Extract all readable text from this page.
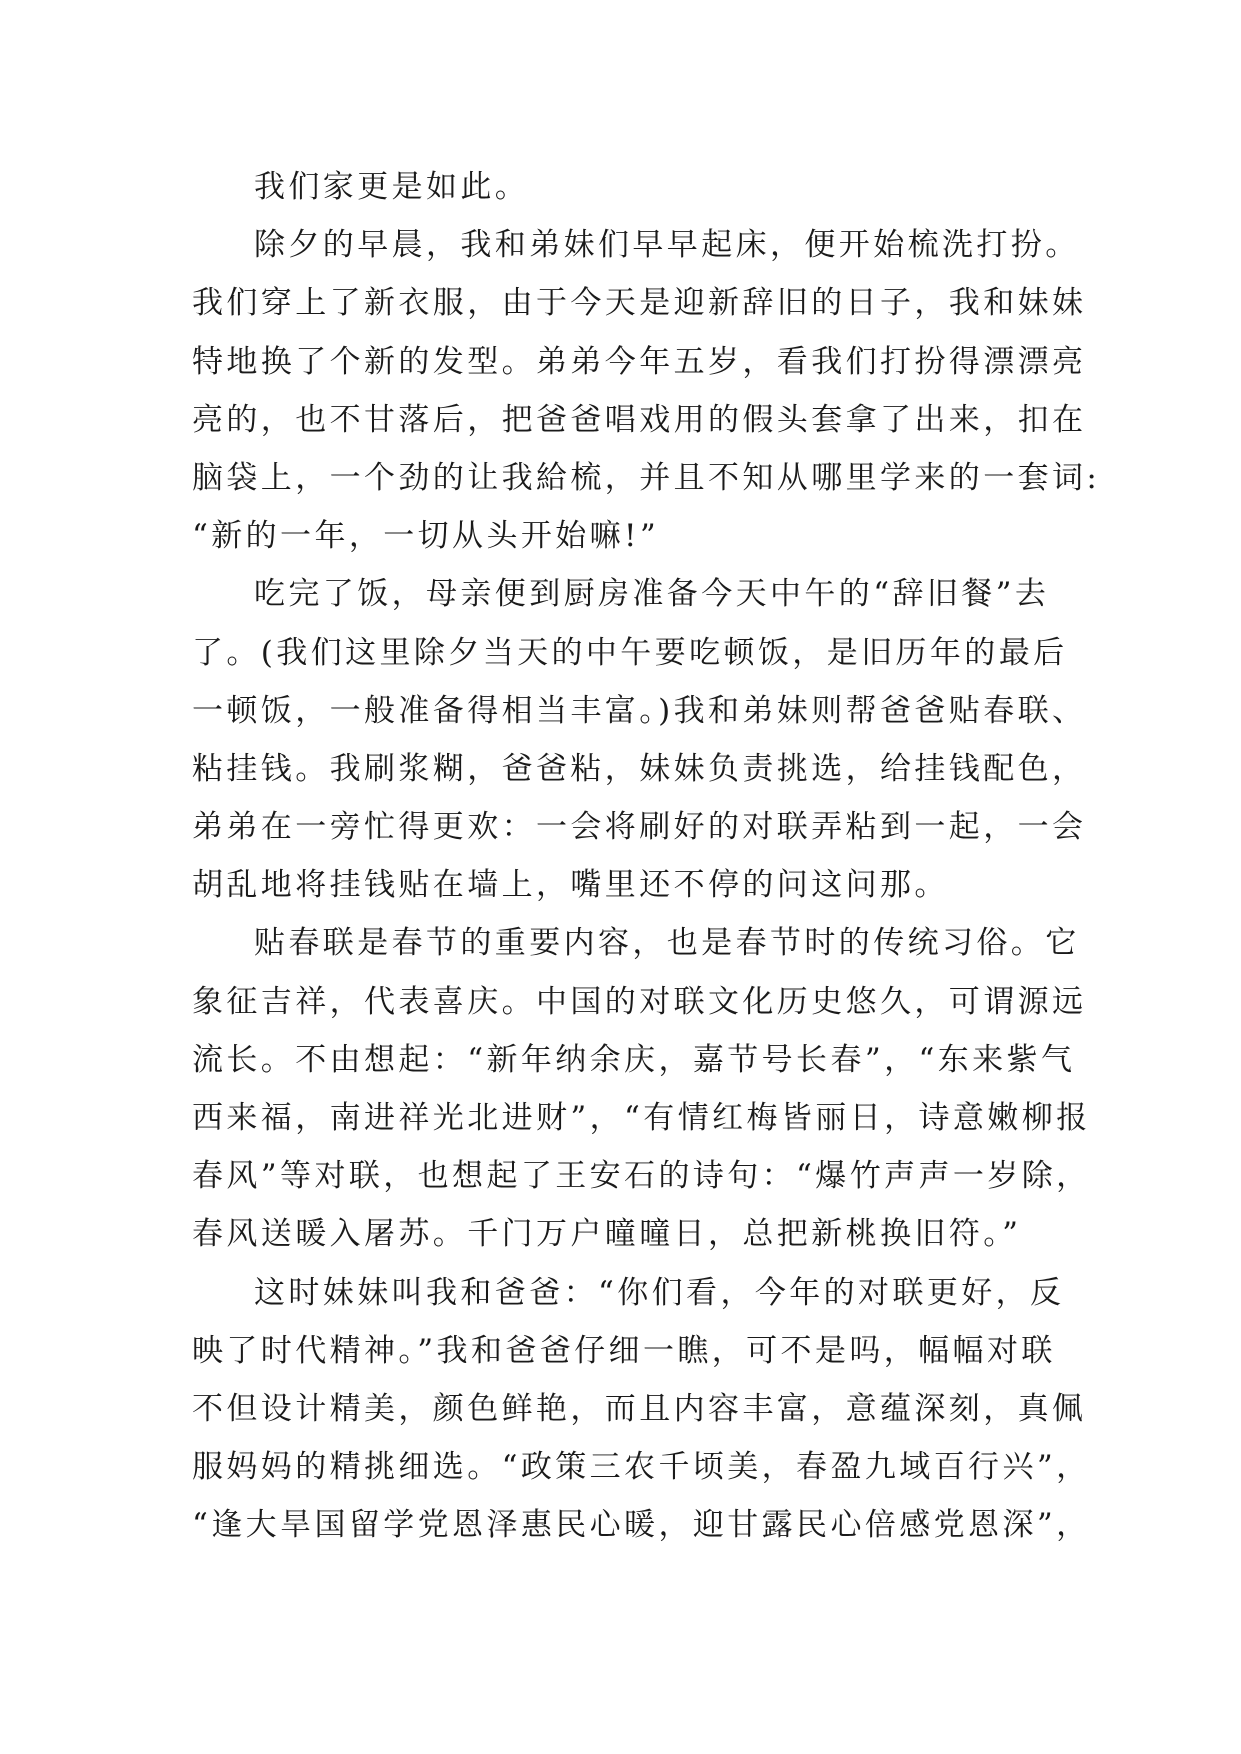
我们家更是如此。
除夕的早晨，我和弟妹们早早起床，便开始梳洗打扮。
我们穿上了新衣服，由于今天是迎新辞旧的日子，我和妹妹
特地换了个新的发型。弟弟今年五岁，看我们打扮得漂漂亮
亮的，也不甘落后，把爸爸唱戏用的假头套拿了出来，扣在
脑袋上，一个劲的让我給梳，并且不知从哪里学来的一套词:
“新的一年，一切从头开始嘛!”
吃完了饭，母亲便到厨房准备今天中午的“辞旧餐”去
了。(我们这里除夕当天的中午要吃顿饭，是旧历年的最后
一顿饭，一般准备得相当丰富。)我和弟妹则帮爸爸贴春联、
粘挂钱。我刷浆糊，爸爸粘，妹妹负责挑选，给挂钱配色，
弟弟在一旁忙得更欢：一会将刷好的对联弄粘到一起，一会
胡乱地将挂钱贴在墙上，嘴里还不停的问这问那。
贴春联是春节的重要内容，也是春节时的传统习俗。它
象征吉祥，代表喜庆。中国的对联文化历史悠久，可谓源远
流长。不由想起：“新年纳余庆，嘉节号长春”，“东来紫气
西来福，南进祥光北进财”，“有情红梅皆丽日，诗意嫩柳报
春风”等对联，也想起了王安石的诗句：“爆竹声声一岁除，
春风送暖入屠苏。千门万户曈曈日，总把新桃换旧符。”
这时妹妹叫我和爸爸：“你们看，今年的对联更好，反
映了时代精神。”我和爸爸仔细一瞧，可不是吗，幅幅对联
不但设计精美，颜色鲜艳，而且内容丰富，意蕴深刻，真佩
服妈妈的精挑细选。“政策三农千顷美，春盈九域百行兴”，
“逢大旱国留学党恩泽惠民心暖，迎甘露民心倍感党恩深”，
